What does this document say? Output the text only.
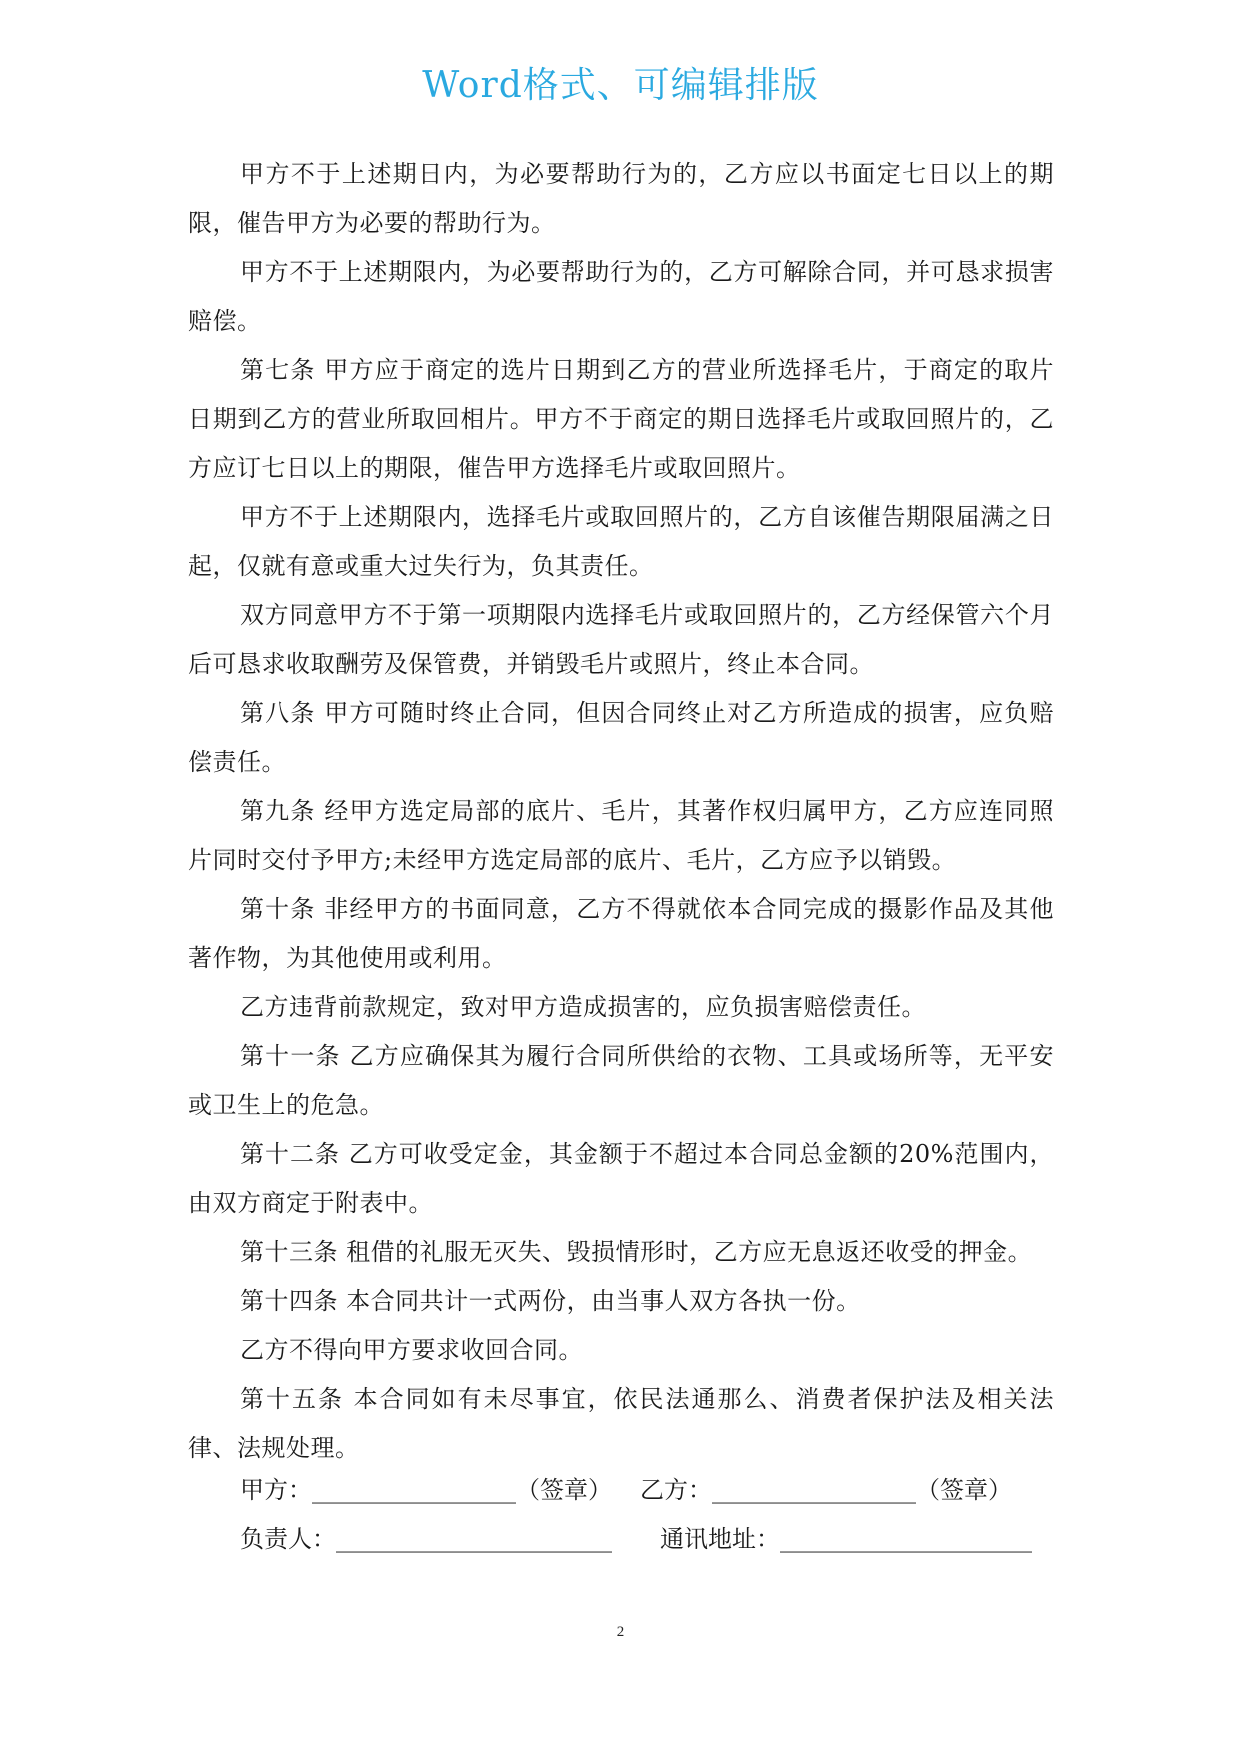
Word格式、可编辑排版

甲方不于上述期日内，为必要帮助行为的，乙方应以书面定七日以上的期限，催告甲方为必要的帮助行为。

甲方不于上述期限内，为必要帮助行为的，乙方可解除合同，并可恳求损害赔偿。

第七条 甲方应于商定的选片日期到乙方的营业所选择毛片，于商定的取片日期到乙方的营业所取回相片。甲方不于商定的期日选择毛片或取回照片的，乙方应订七日以上的期限，催告甲方选择毛片或取回照片。

甲方不于上述期限内，选择毛片或取回照片的，乙方自该催告期限届满之日起，仅就有意或重大过失行为，负其责任。

双方同意甲方不于第一项期限内选择毛片或取回照片的，乙方经保管六个月后可恳求收取酬劳及保管费，并销毁毛片或照片，终止本合同。

第八条 甲方可随时终止合同，但因合同终止对乙方所造成的损害，应负赔偿责任。

第九条 经甲方选定局部的底片、毛片，其著作权归属甲方，乙方应连同照片同时交付予甲方;未经甲方选定局部的底片、毛片，乙方应予以销毁。

第十条 非经甲方的书面同意，乙方不得就依本合同完成的摄影作品及其他著作物，为其他使用或利用。

乙方违背前款规定，致对甲方造成损害的，应负损害赔偿责任。

第十一条 乙方应确保其为履行合同所供给的衣物、工具或场所等，无平安或卫生上的危急。

第十二条 乙方可收受定金，其金额于不超过本合同总金额的20%范围内，由双方商定于附表中。

第十三条 租借的礼服无灭失、毁损情形时，乙方应无息返还收受的押金。

第十四条 本合同共计一式两份，由当事人双方各执一份。

乙方不得向甲方要求收回合同。

第十五条 本合同如有未尽事宜，依民法通那么、消费者保护法及相关法律、法规处理。

甲方：_________________（签章） 乙方：_________________（签章）
负责人：_______________________ 通讯地址：_____________________
2
